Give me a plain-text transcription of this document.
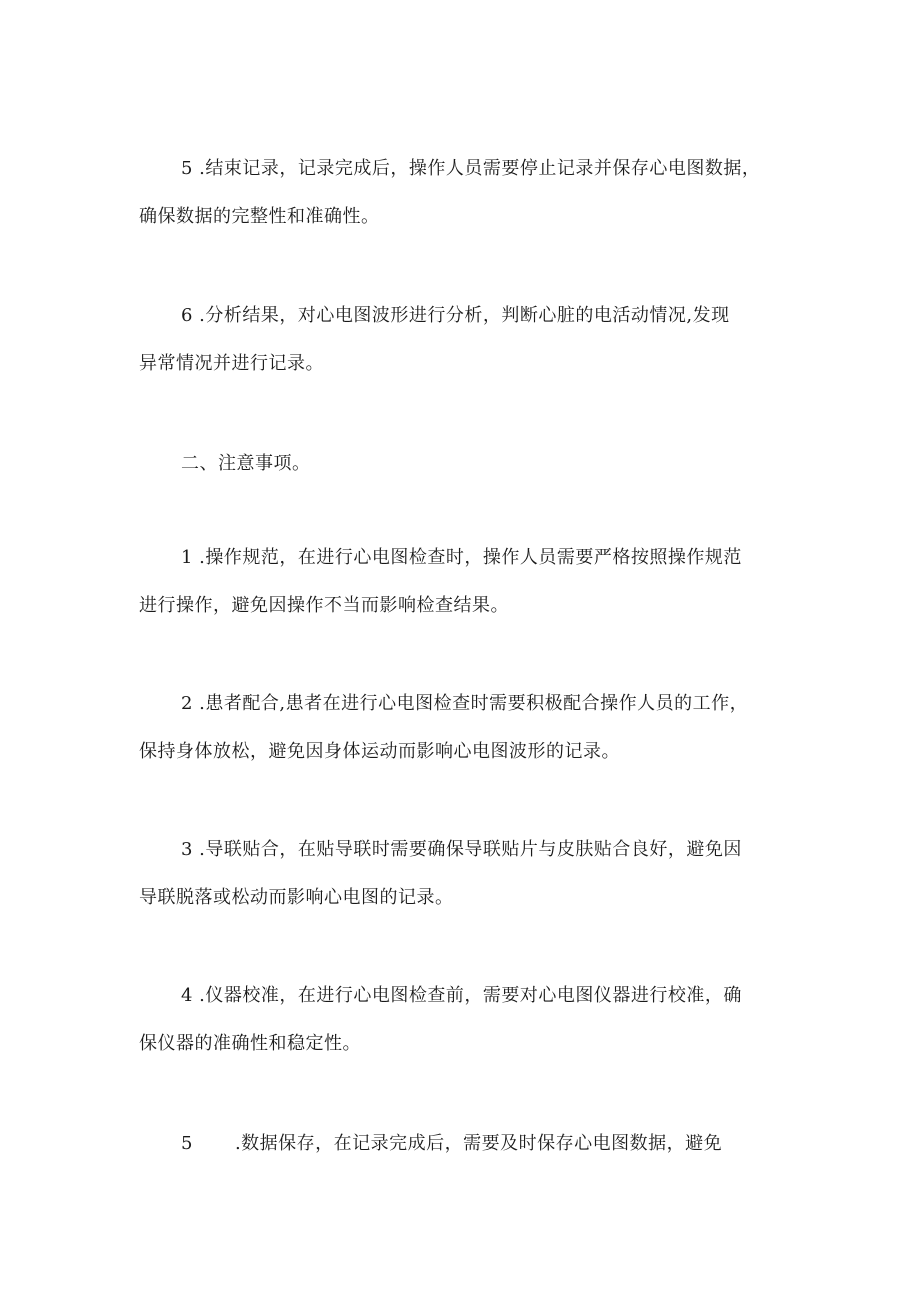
5 .结束记录，记录完成后，操作人员需要停止记录并保存心电图数据，
确保数据的完整性和准确性。
6 .分析结果，对心电图波形进行分析，判断心脏的电活动情况,发现
异常情况并进行记录。
二、注意事项。
1 .操作规范，在进行心电图检查时，操作人员需要严格按照操作规范
进行操作，避免因操作不当而影响检查结果。
2 .患者配合,患者在进行心电图检查时需要积极配合操作人员的工作，
保持身体放松，避免因身体运动而影响心电图波形的记录。
3 .导联贴合，在贴导联时需要确保导联贴片与皮肤贴合良好，避免因
导联脱落或松动而影响心电图的记录。
4 .仪器校准，在进行心电图检查前，需要对心电图仪器进行校准，确
保仪器的准确性和稳定性。
5 .数据保存，在记录完成后，需要及时保存心电图数据，避免
